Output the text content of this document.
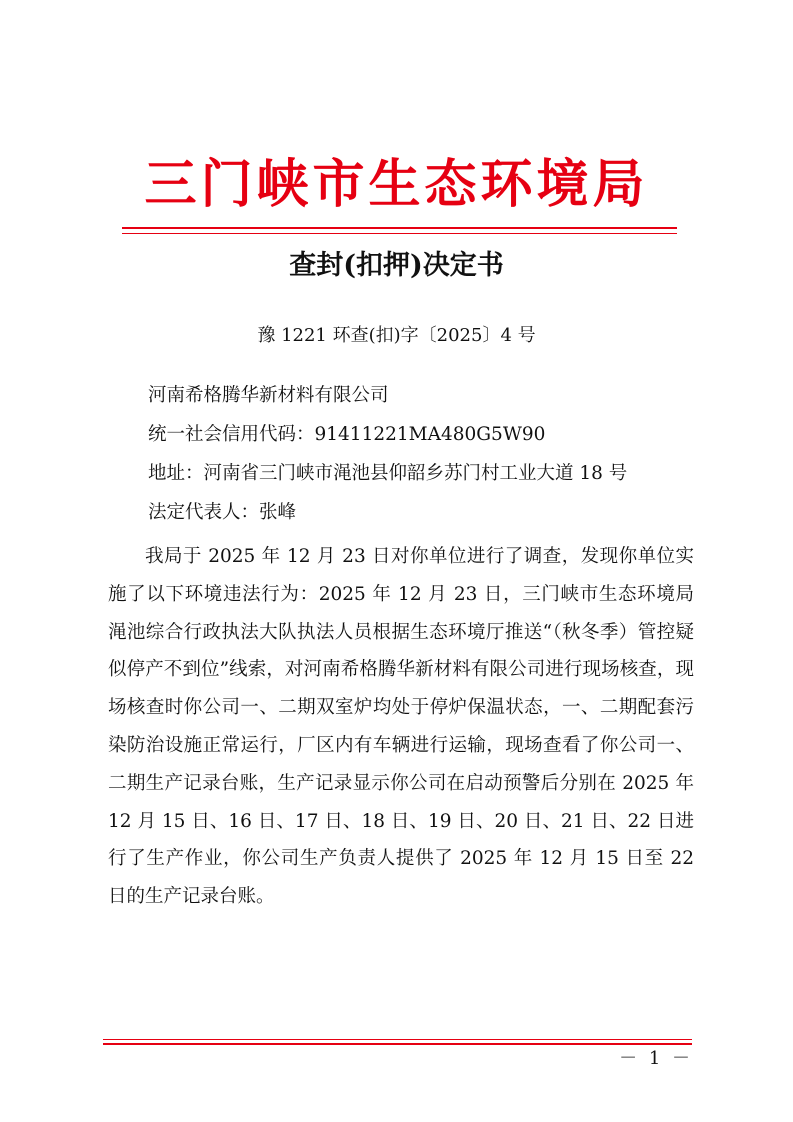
三门峡市生态环境局
查封(扣押)决定书
豫 1221 环查(扣)字〔2025〕4 号
河南希格腾华新材料有限公司
统一社会信用代码：91411221MA480G5W90
地址：河南省三门峡市渑池县仰韶乡苏门村工业大道 18 号
法定代表人：张峰

我局于 2025 年 12 月 23 日对你单位进行了调查，发现你单位实施了以下环境违法行为：2025 年 12 月 23 日，三门峡市生态环境局渑池综合行政执法大队执法人员根据生态环境厅推送“（秋冬季）管控疑似停产不到位”线索，对河南希格腾华新材料有限公司进行现场核查，现场核查时你公司一、二期双室炉均处于停炉保温状态，一、二期配套污染防治设施正常运行，厂区内有车辆进行运输，现场查看了你公司一、二期生产记录台账，生产记录显示你公司在启动预警后分别在 2025 年 12 月 15 日、16 日、17 日、18 日、19 日、20 日、21 日、22 日进行了生产作业，你公司生产负责人提供了 2025 年 12 月 15 日至 22 日的生产记录台账。

－ 1 －
